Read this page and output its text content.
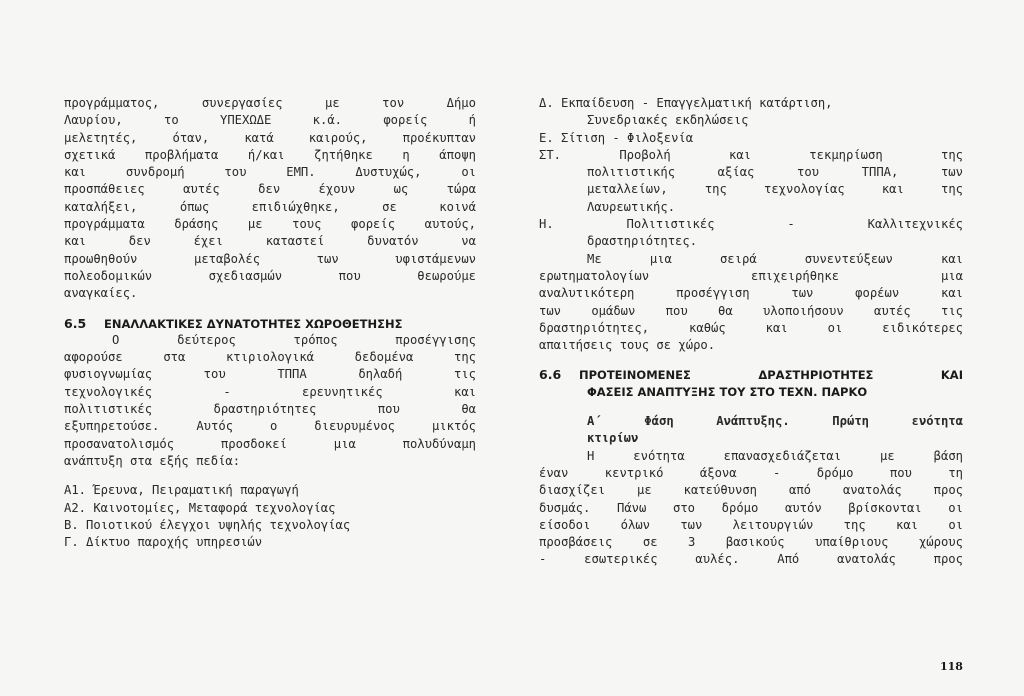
προγράμματος, συνεργασίες με τον Δήμο
Λαυρίου, το ΥΠΕΧΩΔΕ κ.ά. φορείς ή
μελετητές, όταν, κατά καιρούς, προέκυπταν
σχετικά προβλήματα ή/και ζητήθηκε η άποψη
και συνδρομή του ΕΜΠ. Δυστυχώς, οι
προσπάθειες αυτές δεν έχουν ως τώρα
καταλήξει, όπως επιδιώχθηκε, σε κοινά
προγράμματα δράσης με τους φορείς αυτούς,
και δεν έχει καταστεί δυνατόν να
προωθηθούν μεταβολές των υφιστάμενων
πολεοδομικών σχεδιασμών που θεωρούμε
αναγκαίες.
6.5 ΕΝΑΛΛΑΚΤΙΚΕΣ ΔΥΝΑΤΟΤΗΤΕΣ ΧΩΡΟΘΕΤΗΣΗΣ
Ο δεύτερος τρόπος προσέγγισης
αφορούσε στα κτιριολογικά δεδομένα της
φυσιογνωμίας του ΤΠΠΑ δηλαδή τις
τεχνολογικές - ερευνητικές και
πολιτιστικές δραστηριότητες που θα
εξυπηρετούσε. Αυτός ο διευρυμένος μικτός
προσανατολισμός προσδοκεί μια πολυδύναμη
ανάπτυξη στα εξής πεδία:
Α1. Έρευνα, Πειραματική παραγωγή
Α2. Καινοτομίες, Μεταφορά τεχνολογίας
Β. Ποιοτικού έλεγχοι υψηλής τεχνολογίας
Γ. Δίκτυο παροχής υπηρεσιών
Δ. Εκπαίδευση - Επαγγελματική κατάρτιση,
Συνεδριακές εκδηλώσεις
Ε. Σίτιση - Φιλοξενία
ΣΤ. Προβολή και τεκμηρίωση της
πολιτιστικής αξίας του ΤΠΠΑ, των
μεταλλείων, της τεχνολογίας και της
Λαυρεωτικής.
Η. Πολιτιστικές - Καλλιτεχνικές
δραστηριότητες.
Με μια σειρά συνεντεύξεων και
ερωτηματολογίων επιχειρήθηκε μια
αναλυτικότερη προσέγγιση των φορέων και
των ομάδων που θα υλοποιήσουν αυτές τις
δραστηριότητες, καθώς και οι ειδικότερες
απαιτήσεις τους σε χώρο.
6.6 ΠΡΟΤΕΙΝΟΜΕΝΕΣ ΔΡΑΣΤΗΡΙΟΤΗΤΕΣ ΚΑΙ
ΦΑΣΕΙΣ ΑΝΑΠΤΥΞΗΣ ΤΟΥ ΣΤΟ ΤΕΧΝ. ΠΑΡΚΟ
Α΄ Φάση Ανάπτυξης. Πρώτη ενότητα
κτιρίων
Η ενότητα επανασχεδιάζεται με βάση
έναν κεντρικό άξονα - δρόμο που τη
διασχίζει με κατεύθυνση από ανατολάς προς
δυσμάς. Πάνω στο δρόμο αυτόν βρίσκονται οι
είσοδοι όλων των λειτουργιών της και οι
προσβάσεις σε 3 βασικούς υπαίθριους χώρους
- εσωτερικές αυλές. Από ανατολάς προς
118
